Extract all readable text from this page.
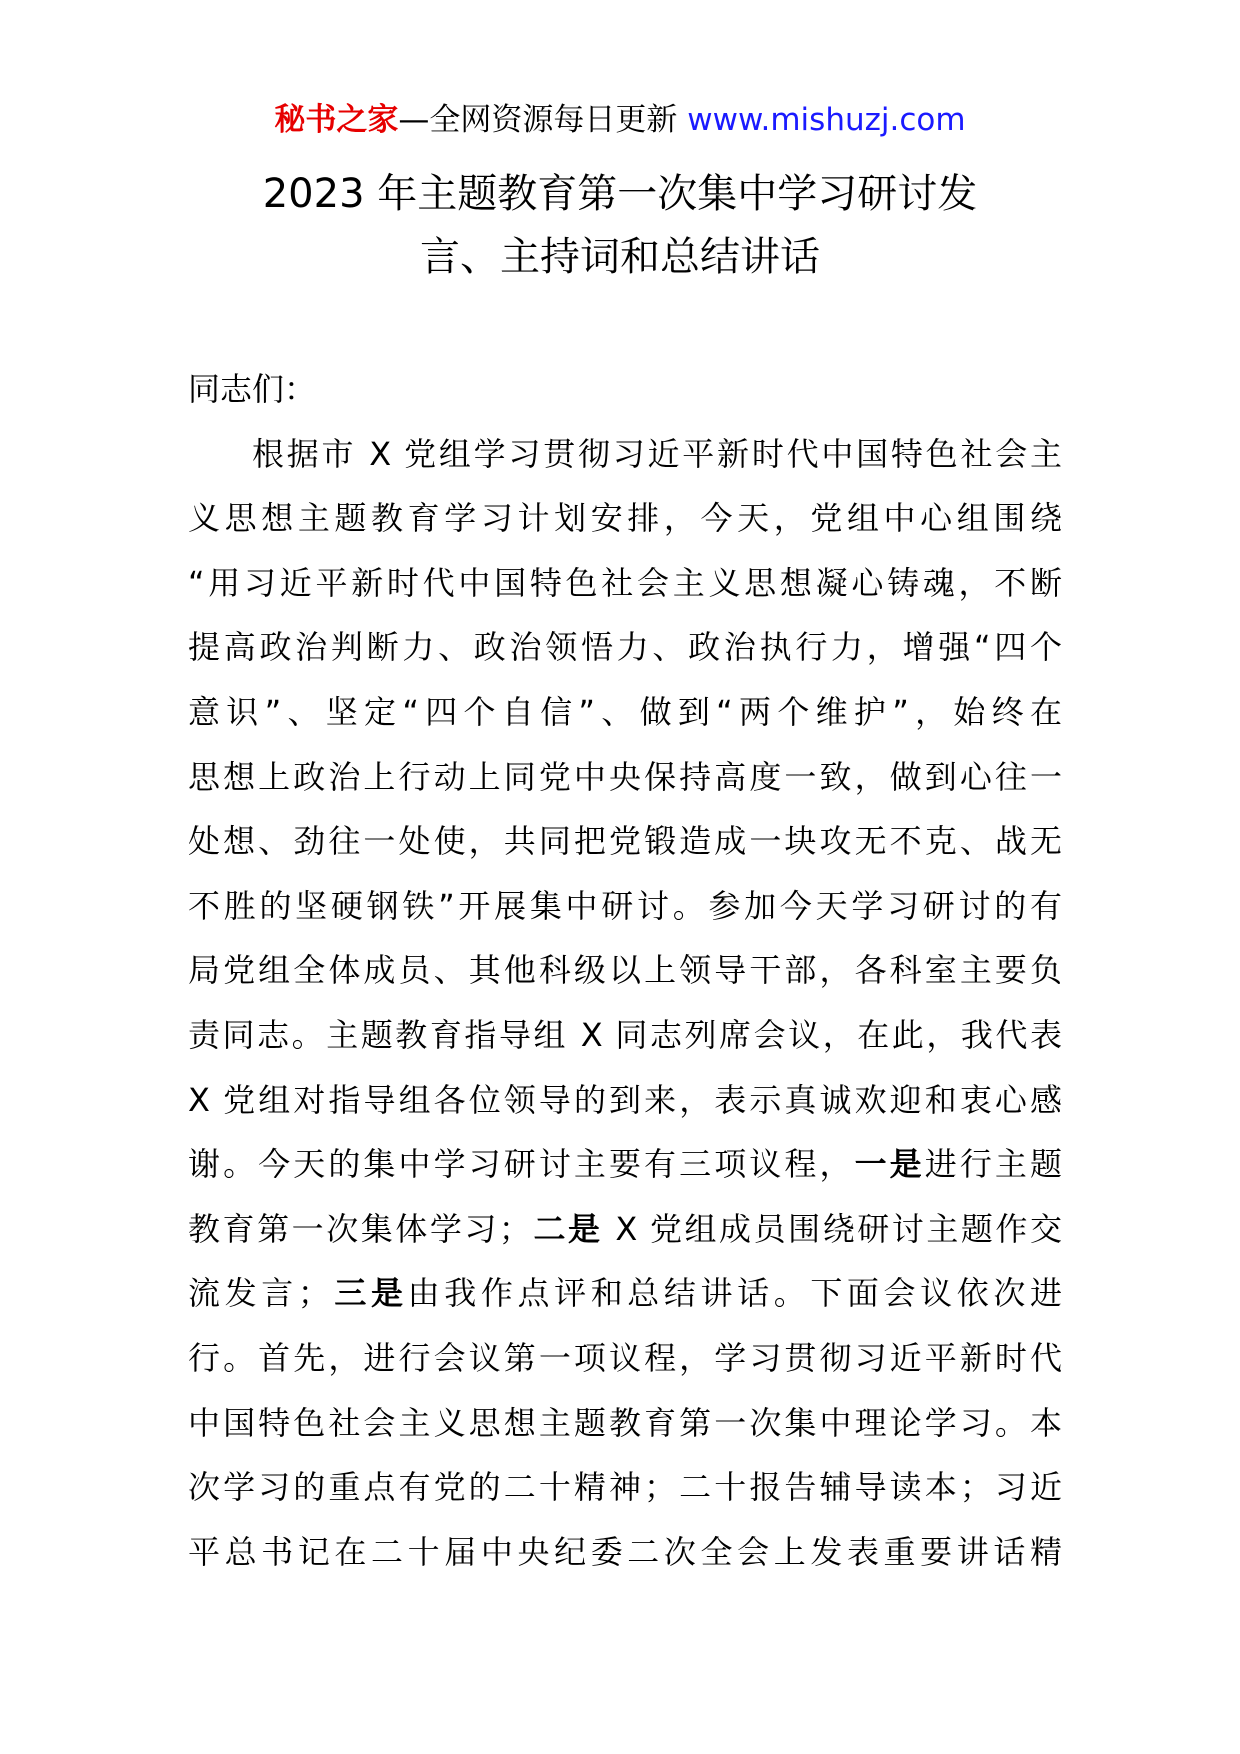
秘书之家—全网资源每日更新 www.mishuzj.com
2023 年主题教育第一次集中学习研讨发
言、主持词和总结讲话
同志们：
根据市 X 党组学习贯彻习近平新时代中国特色社会主
义思想主题教育学习计划安排，今天，党组中心组围绕
“用习近平新时代中国特色社会主义思想凝心铸魂，不断
提高政治判断力、政治领悟力、政治执行力，增强“四个
意识”、坚定“四个自信”、做到“两个维护”，始终在
思想上政治上行动上同党中央保持高度一致，做到心往一
处想、劲往一处使，共同把党锻造成一块攻无不克、战无
不胜的坚硬钢铁”开展集中研讨。参加今天学习研讨的有
局党组全体成员、其他科级以上领导干部，各科室主要负
责同志。主题教育指导组 X 同志列席会议，在此，我代表
X 党组对指导组各位领导的到来，表示真诚欢迎和衷心感
谢。今天的集中学习研讨主要有三项议程，一是进行主题
教育第一次集体学习；二是 X 党组成员围绕研讨主题作交
流发言；三是由我作点评和总结讲话。下面会议依次进
行。首先，进行会议第一项议程，学习贯彻习近平新时代
中国特色社会主义思想主题教育第一次集中理论学习。本
次学习的重点有党的二十精神；二十报告辅导读本；习近
平总书记在二十届中央纪委二次全会上发表重要讲话精
